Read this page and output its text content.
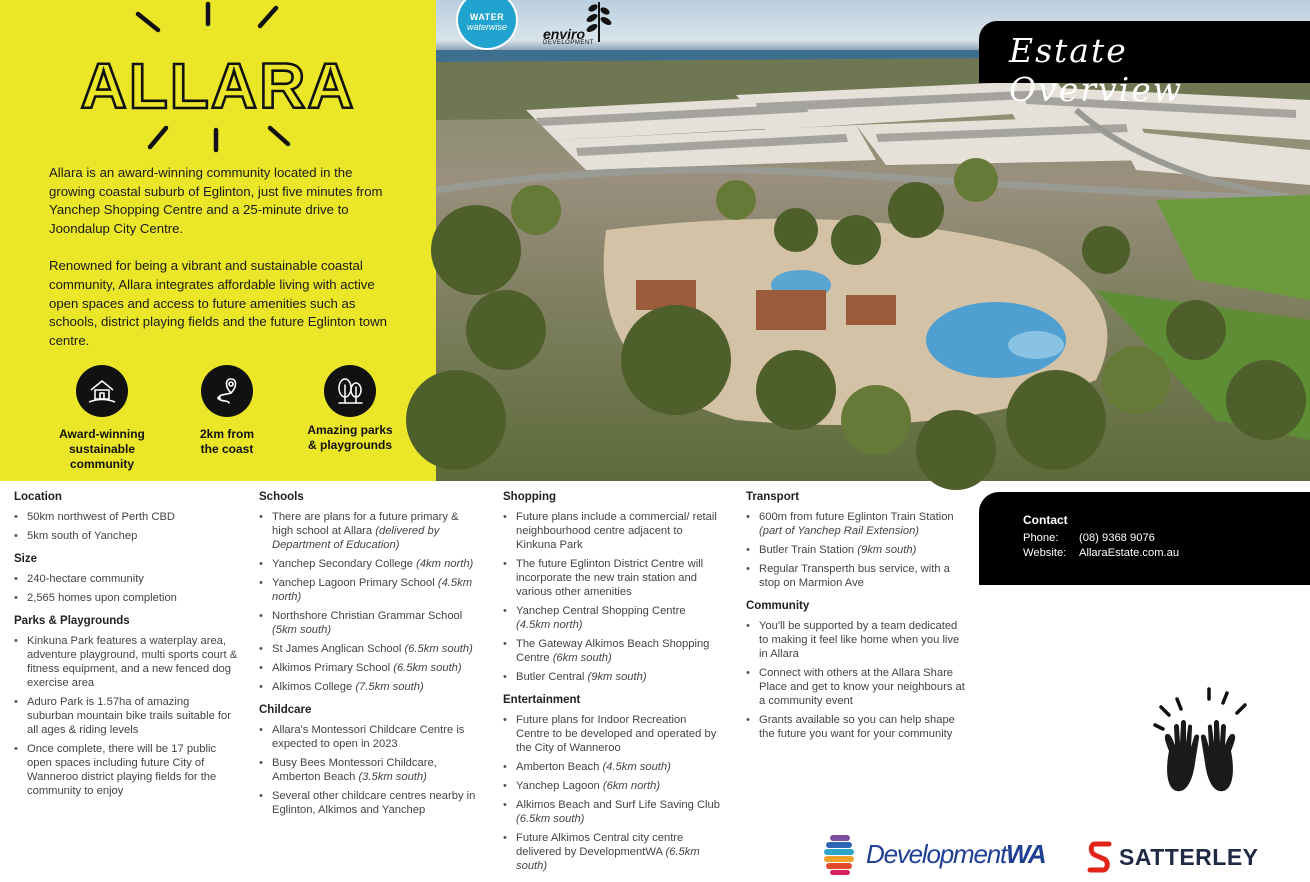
ALLARA

Allara is an award-winning community located in the growing coastal suburb of Eglinton, just five minutes from Yanchep Shopping Centre and a 25-minute drive to Joondalup City Centre.

Renowned for being a vibrant and sustainable coastal community, Allara integrates affordable living with active open spaces and access to future amenities such as schools, district playing fields and the future Eglinton town centre.

Award-winning
sustainable
community
2km from
the coast
Amazing parks
& playgrounds
WATER
waterwise	enviro
DEVELOPMENT	Estate Overview
Location
• 50km northwest of Perth CBD
• 5km south of Yanchep
Size
• 240-hectare community
• 2,565 homes upon completion
Parks & Playgrounds
• Kinkuna Park features a waterplay area, adventure playground, multi sports court & fitness equipment, and a new fenced dog exercise area
• Aduro Park is 1.57ha of amazing suburban mountain bike trails suitable for all ages & riding levels
• Once complete, there will be 17 public open spaces including future City of Wanneroo district playing fields for the community to enjoy
Schools
• There are plans for a future primary & high school at Allara (delivered by Department of Education)
• Yanchep Secondary College (4km north)
• Yanchep Lagoon Primary School (4.5km north)
• Northshore Christian Grammar School (5km south)
• St James Anglican School (6.5km south)
• Alkimos Primary School (6.5km south)
• Alkimos College (7.5km south)
Childcare
• Allara's Montessori Childcare Centre is expected to open in 2023
• Busy Bees Montessori Childcare, Amberton Beach (3.5km south)
• Several other childcare centres nearby in Eglinton, Alkimos and Yanchep
Shopping
• Future plans include a commercial/ retail neighbourhood centre adjacent to Kinkuna Park
• The future Eglinton District Centre will incorporate the new train station and various other amenities
• Yanchep Central Shopping Centre (4.5km north)
• The Gateway Alkimos Beach Shopping Centre (6km south)
• Butler Central (9km south)
Entertainment
• Future plans for Indoor Recreation Centre to be developed and operated by the City of Wanneroo
• Amberton Beach (4.5km south)
• Yanchep Lagoon (6km north)
• Alkimos Beach and Surf Life Saving Club (6.5km south)
• Future Alkimos Central city centre delivered by DevelopmentWA (6.5km south)
Transport
• 600m from future Eglinton Train Station (part of Yanchep Rail Extension)
• Butler Train Station (9km south)
• Regular Transperth bus service, with a stop on Marmion Ave
Community
• You'll be supported by a team dedicated to making it feel like home when you live in Allara
• Connect with others at the Allara Share Place and get to know your neighbours at a community event
• Grants available so you can help shape the future you want for your community
Contact
Phone:	(08) 9368 9076
Website:	AllaraEstate.com.au
DevelopmentWA	SATTERLEY
